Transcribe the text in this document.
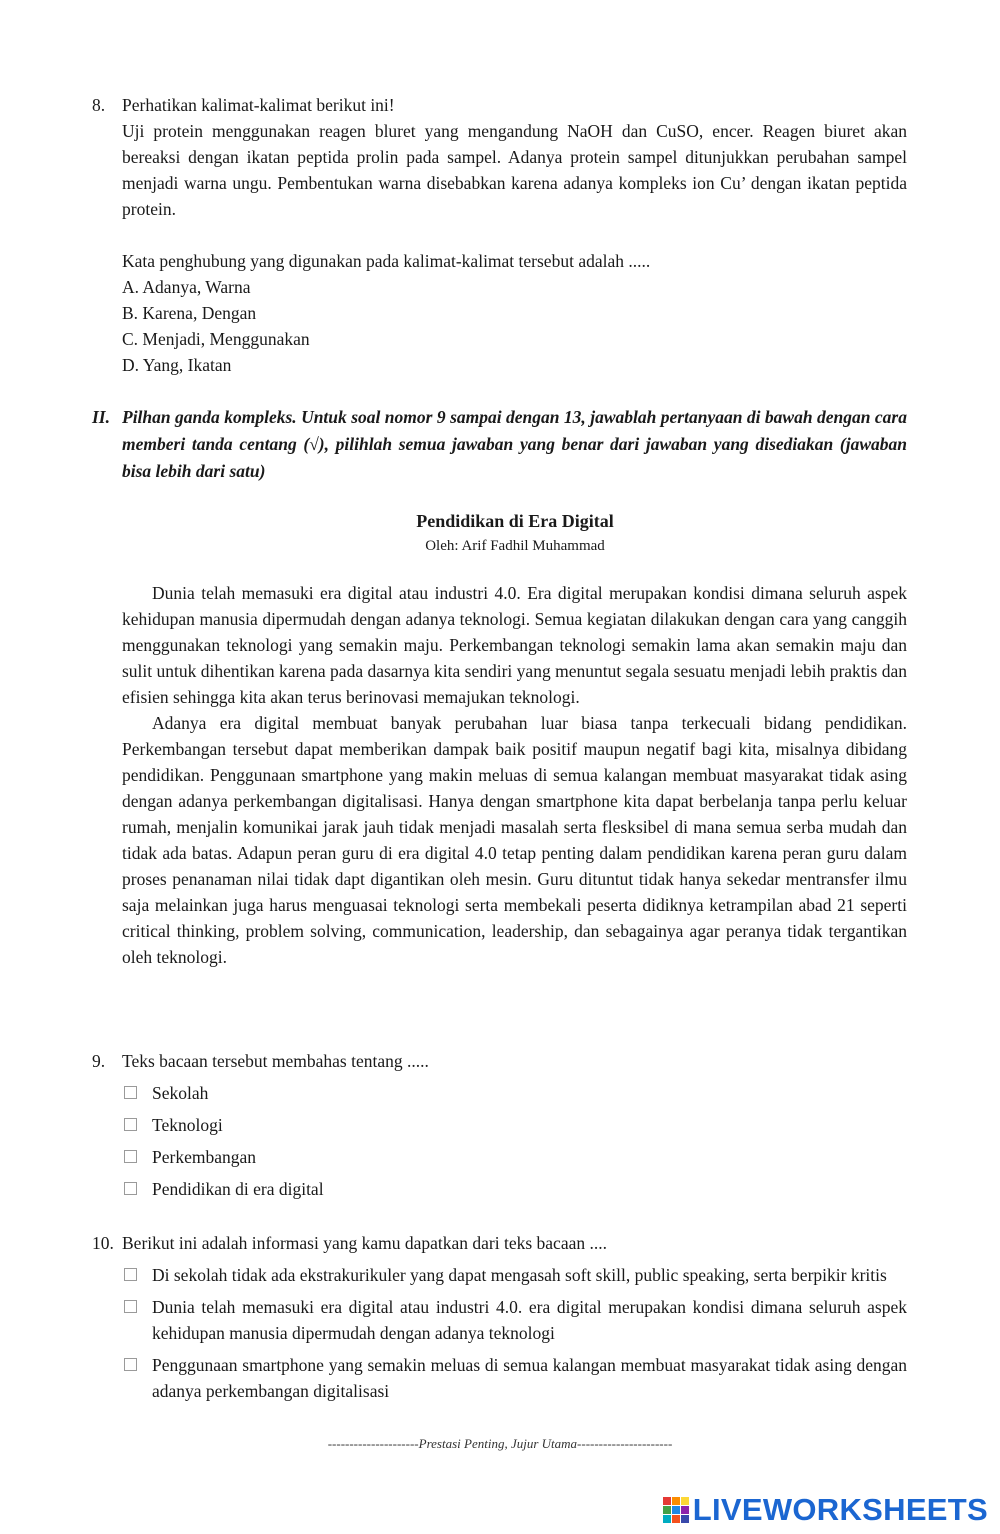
8. Perhatikan kalimat-kalimat berikut ini!
Uji protein menggunakan reagen bluret yang mengandung NaOH dan CuSO, encer. Reagen biuret akan bereaksi dengan ikatan peptida prolin pada sampel. Adanya protein sampel ditunjukkan perubahan sampel menjadi warna ungu. Pembentukan warna disebabkan karena adanya kompleks ion Cu’ dengan ikatan peptida protein.
Kata penghubung yang digunakan pada kalimat-kalimat tersebut adalah .....
A. Adanya, Warna
B. Karena, Dengan
C. Menjadi, Menggunakan
D. Yang, Ikatan
II. Pilhan ganda kompleks. Untuk soal nomor 9 sampai dengan 13, jawablah pertanyaan di bawah dengan cara memberi tanda centang (√), pilihlah semua jawaban yang benar dari jawaban yang disediakan (jawaban bisa lebih dari satu)
Pendidikan di Era Digital
Oleh: Arif Fadhil Muhammad

Dunia telah memasuki era digital atau industri 4.0. Era digital merupakan kondisi dimana seluruh aspek kehidupan manusia dipermudah dengan adanya teknologi. Semua kegiatan dilakukan dengan cara yang canggih menggunakan teknologi yang semakin maju. Perkembangan teknologi semakin lama akan semakin maju dan sulit untuk dihentikan karena pada dasarnya kita sendiri yang menuntut segala sesuatu menjadi lebih praktis dan efisien sehingga kita akan terus berinovasi memajukan teknologi.

Adanya era digital membuat banyak perubahan luar biasa tanpa terkecuali bidang pendidikan. Perkembangan tersebut dapat memberikan dampak baik positif maupun negatif bagi kita, misalnya dibidang pendidikan. Penggunaan smartphone yang makin meluas di semua kalangan membuat masyarakat tidak asing dengan adanya perkembangan digitalisasi. Hanya dengan smartphone kita dapat berbelanja tanpa perlu keluar rumah, menjalin komunikai jarak jauh tidak menjadi masalah serta flesksibel di mana semua serba mudah dan tidak ada batas. Adapun peran guru di era digital 4.0 tetap penting dalam pendidikan karena peran guru dalam proses penanaman nilai tidak dapt digantikan oleh mesin. Guru dituntut tidak hanya sekedar mentransfer ilmu saja melainkan juga harus menguasai teknologi serta membekali peserta didiknya ketrampilan abad 21 seperti critical thinking, problem solving, communication, leadership, dan sebagainya agar peranya tidak tergantikan oleh teknologi.

9. Teks bacaan tersebut membahas tentang .....
Sekolah
Teknologi
Perkembangan
Pendidikan di era digital
10. Berikut ini adalah informasi yang kamu dapatkan dari teks bacaan ....
Di sekolah tidak ada ekstrakurikuler yang dapat mengasah soft skill, public speaking, serta berpikir kritis
Dunia telah memasuki era digital atau industri 4.0. era digital merupakan kondisi dimana seluruh aspek kehidupan manusia dipermudah dengan adanya teknologi
Penggunaan smartphone yang semakin meluas di semua kalangan membuat masyarakat tidak asing dengan adanya perkembangan digitalisasi
---------------------Prestasi Penting, Jujur Utama----------------------
LIVEWORKSHEETS
